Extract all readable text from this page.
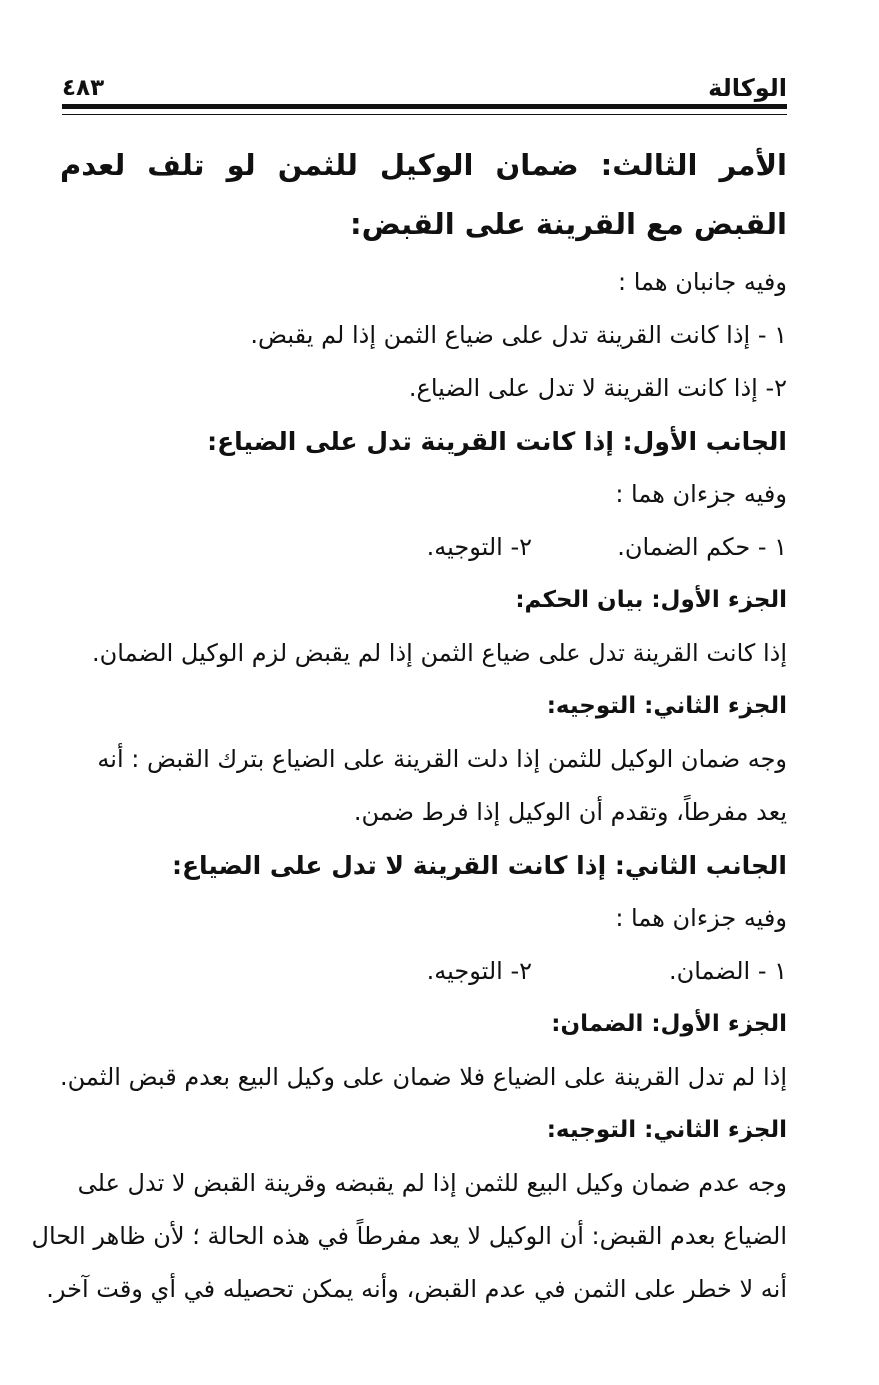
الوكالة
٤٨٣
الأمر الثالث: ضمان الوكيل للثمن لو تلف لعدم القبض مع القرينة على القبض:
وفيه جانبان هما :
١ - إذا كانت القرينة تدل على ضياع الثمن إذا لم يقبض.
٢- إذا كانت القرينة لا تدل على الضياع.
الجانب الأول: إذا كانت القرينة تدل على الضياع:
وفيه جزءان هما :
١ - حكم الضمان.
٢- التوجيه.
الجزء الأول: بيان الحكم:
إذا كانت القرينة تدل على ضياع الثمن إذا لم يقبض لزم الوكيل الضمان.
الجزء الثاني: التوجيه:
وجه ضمان الوكيل للثمن إذا دلت القرينة على الضياع بترك القبض : أنه
يعد مفرطاً، وتقدم أن الوكيل إذا فرط ضمن.
الجانب الثاني: إذا كانت القرينة لا تدل على الضياع:
وفيه جزءان هما :
١ - الضمان.
٢- التوجيه.
الجزء الأول: الضمان:
إذا لم تدل القرينة على الضياع فلا ضمان على وكيل البيع بعدم قبض الثمن.
الجزء الثاني: التوجيه:
وجه عدم ضمان وكيل البيع للثمن إذا لم يقبضه وقرينة القبض لا تدل على
الضياع بعدم القبض: أن الوكيل لا يعد مفرطاً في هذه الحالة ؛ لأن ظاهر الحال
أنه لا خطر على الثمن في عدم القبض، وأنه يمكن تحصيله في أي وقت آخر.
